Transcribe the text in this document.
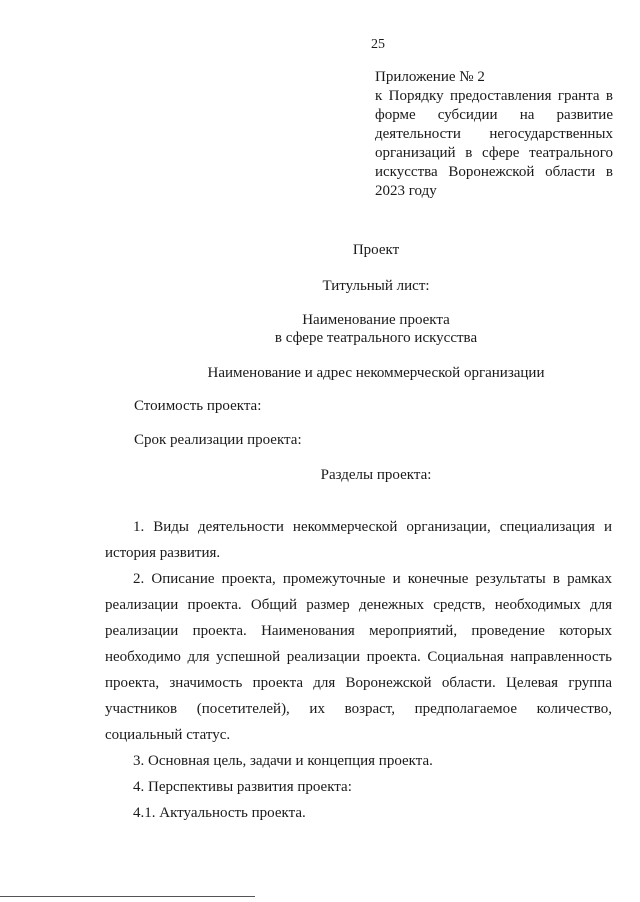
25
Приложение № 2
к Порядку предоставления гранта в
форме субсидии на развитие
деятельности негосударственных
организаций в сфере театрального
искусства Воронежской области в
2023 году
Проект
Титульный лист:
Наименование проекта
в сфере театрального искусства
Наименование и адрес некоммерческой организации
Стоимость проекта:
Срок реализации проекта:
Разделы проекта:
1. Виды деятельности некоммерческой организации, специализация и
история развития.
2. Описание проекта, промежуточные и конечные результаты в рамках
реализации проекта. Общий размер денежных средств, необходимых для
реализации проекта. Наименования мероприятий, проведение которых
необходимо для успешной реализации проекта. Социальная направленность
проекта, значимость проекта для Воронежской области. Целевая группа
участников (посетителей), их возраст, предполагаемое количество,
социальный статус.
3. Основная цель, задачи и концепция проекта.
4. Перспективы развития проекта:
4.1. Актуальность проекта.
